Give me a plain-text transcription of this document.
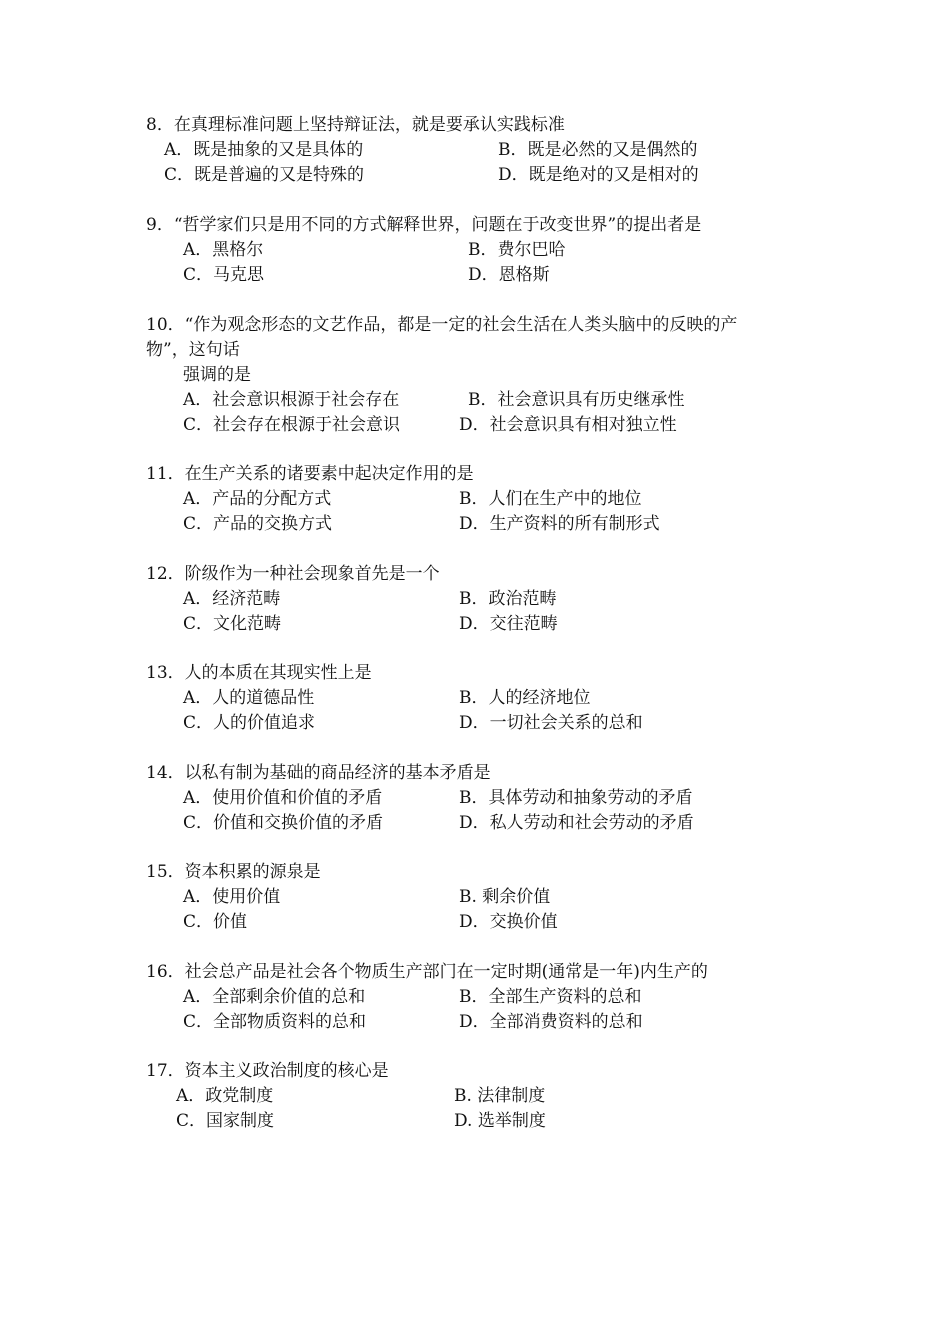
8．在真理标准问题上坚持辩证法，就是要承认实践标准
A．既是抽象的又是具体的	B．既是必然的又是偶然的
C．既是普遍的又是特殊的	D．既是绝对的又是相对的
9．“哲学家们只是用不同的方式解释世界，问题在于改变世界”的提出者是
A．黑格尔	B．费尔巴哈
C．马克思	D．恩格斯
10．“作为观念形态的文艺作品，都是一定的社会生活在人类头脑中的反映的产
物”，这句话
强调的是
A．社会意识根源于社会存在	B．社会意识具有历史继承性
C．社会存在根源于社会意识	D．社会意识具有相对独立性
11．在生产关系的诸要素中起决定作用的是
A．产品的分配方式	B．人们在生产中的地位
C．产品的交换方式	D．生产资料的所有制形式
12．阶级作为一种社会现象首先是一个
A．经济范畴	B．政治范畴
C．文化范畴	D．交往范畴
13．人的本质在其现实性上是
A．人的道德品性	B．人的经济地位
C．人的价值追求	D．一切社会关系的总和
14．以私有制为基础的商品经济的基本矛盾是
A．使用价值和价值的矛盾	B．具体劳动和抽象劳动的矛盾
C．价值和交换价值的矛盾	D．私人劳动和社会劳动的矛盾
15．资本积累的源泉是
A．使用价值	B. 剩余价值
C．价值	D．交换价值
16．社会总产品是社会各个物质生产部门在一定时期(通常是一年)内生产的
A．全部剩余价值的总和	B．全部生产资料的总和
C．全部物质资料的总和	D．全部消费资料的总和
17．资本主义政治制度的核心是
A．政党制度	B. 法律制度
C．国家制度	D. 选举制度
